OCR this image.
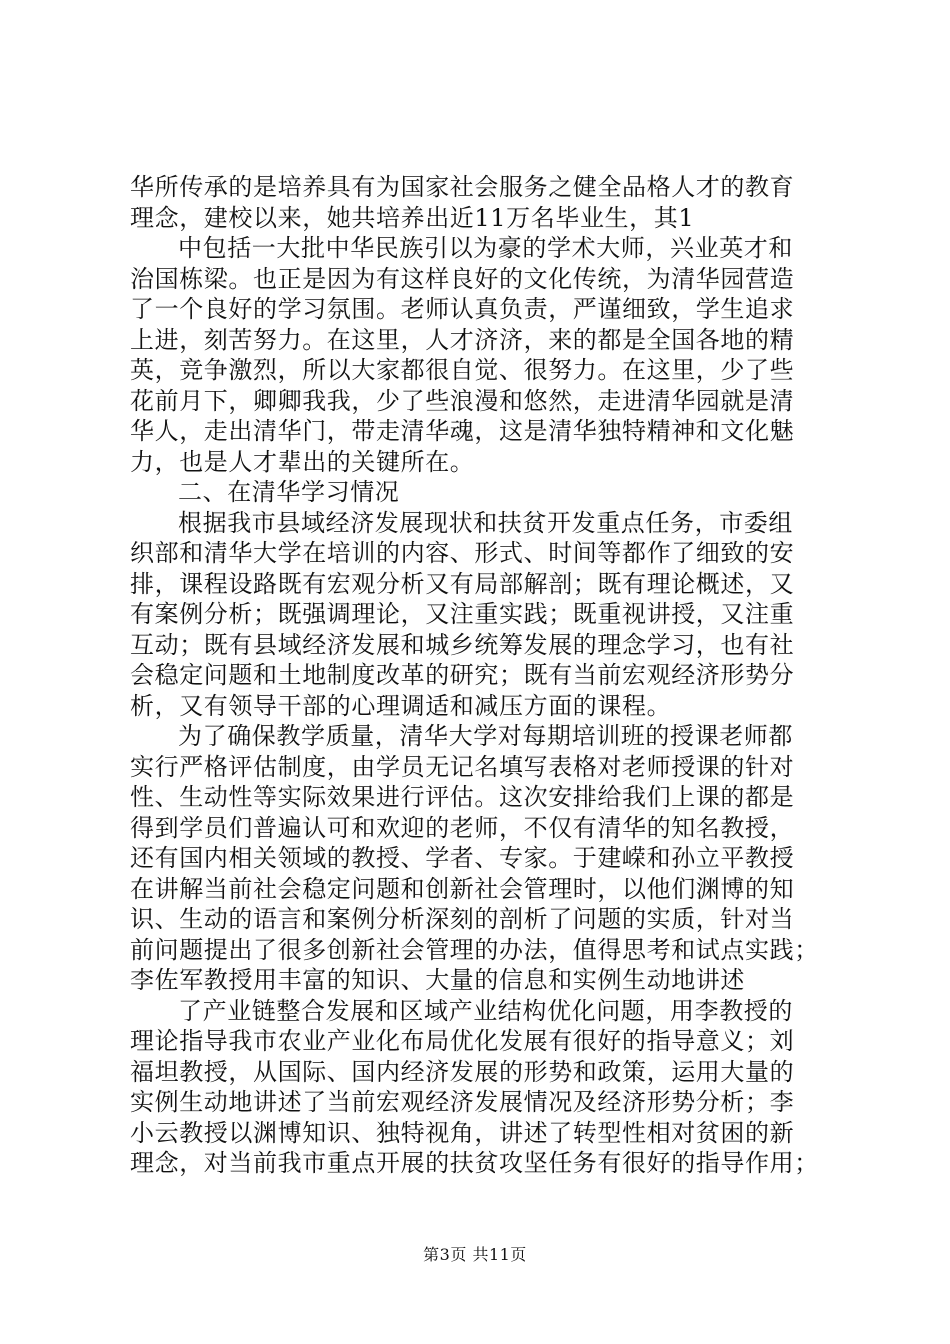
华所传承的是培养具有为国家社会服务之健全品格人才的教育
理念，建校以来，她共培养出近11万名毕业生，其1
中包括一大批中华民族引以为豪的学术大师，兴业英才和
治国栋梁。也正是因为有这样良好的文化传统，为清华园营造
了一个良好的学习氛围。老师认真负责，严谨细致，学生追求
上进，刻苦努力。在这里，人才济济，来的都是全国各地的精
英，竞争激烈，所以大家都很自觉、很努力。在这里，少了些
花前月下，卿卿我我，少了些浪漫和悠然，走进清华园就是清
华人，走出清华门，带走清华魂，这是清华独特精神和文化魅
力，也是人才辈出的关键所在。
二、在清华学习情况
根据我市县域经济发展现状和扶贫开发重点任务，市委组
织部和清华大学在培训的内容、形式、时间等都作了细致的安
排，课程设路既有宏观分析又有局部解剖；既有理论概述，又
有案例分析；既强调理论，又注重实践；既重视讲授，又注重
互动；既有县域经济发展和城乡统筹发展的理念学习，也有社
会稳定问题和土地制度改革的研究；既有当前宏观经济形势分
析，又有领导干部的心理调适和减压方面的课程。
为了确保教学质量，清华大学对每期培训班的授课老师都
实行严格评估制度，由学员无记名填写表格对老师授课的针对
性、生动性等实际效果进行评估。这次安排给我们上课的都是
得到学员们普遍认可和欢迎的老师，不仅有清华的知名教授，
还有国内相关领域的教授、学者、专家。于建嵘和孙立平教授
在讲解当前社会稳定问题和创新社会管理时，以他们渊博的知
识、生动的语言和案例分析深刻的剖析了问题的实质，针对当
前问题提出了很多创新社会管理的办法，值得思考和试点实践；
李佐军教授用丰富的知识、大量的信息和实例生动地讲述
了产业链整合发展和区域产业结构优化问题，用李教授的
理论指导我市农业产业化布局优化发展有很好的指导意义；刘
福坦教授，从国际、国内经济发展的形势和政策，运用大量的
实例生动地讲述了当前宏观经济发展情况及经济形势分析；李
小云教授以渊博知识、独特视角，讲述了转型性相对贫困的新
理念，对当前我市重点开展的扶贫攻坚任务有很好的指导作用；
第3页 共11页
